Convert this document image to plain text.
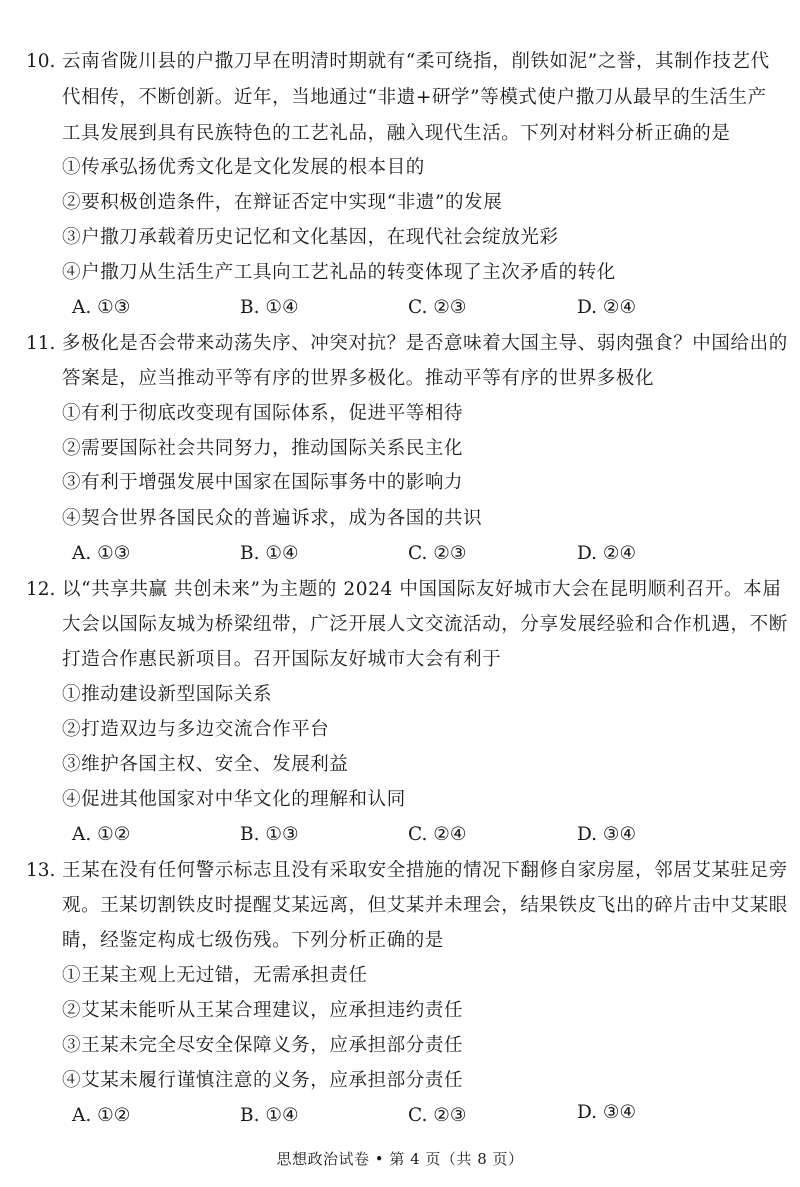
10. 云南省陇川县的户撒刀早在明清时期就有“柔可绕指，削铁如泥”之誉，其制作技艺代
代相传，不断创新。近年，当地通过“非遗+研学”等模式使户撒刀从最早的生活生产
工具发展到具有民族特色的工艺礼品，融入现代生活。下列对材料分析正确的是
①传承弘扬优秀文化是文化发展的根本目的
②要积极创造条件，在辩证否定中实现“非遗”的发展
③户撒刀承载着历史记忆和文化基因，在现代社会绽放光彩
④户撒刀从生活生产工具向工艺礼品的转变体现了主次矛盾的转化
A. ①③	B. ①④	C. ②③	D. ②④
11. 多极化是否会带来动荡失序、冲突对抗？是否意味着大国主导、弱肉强食？中国给出的
答案是，应当推动平等有序的世界多极化。推动平等有序的世界多极化
①有利于彻底改变现有国际体系，促进平等相待
②需要国际社会共同努力，推动国际关系民主化
③有利于增强发展中国家在国际事务中的影响力
④契合世界各国民众的普遍诉求，成为各国的共识
A. ①③	B. ①④	C. ②③	D. ②④
12. 以“共享共赢 共创未来”为主题的 2024 中国国际友好城市大会在昆明顺利召开。本届
大会以国际友城为桥梁纽带，广泛开展人文交流活动，分享发展经验和合作机遇，不断
打造合作惠民新项目。召开国际友好城市大会有利于
①推动建设新型国际关系
②打造双边与多边交流合作平台
③维护各国主权、安全、发展利益
④促进其他国家对中华文化的理解和认同
A. ①②	B. ①③	C. ②④	D. ③④
13. 王某在没有任何警示标志且没有采取安全措施的情况下翻修自家房屋，邻居艾某驻足旁
观。王某切割铁皮时提醒艾某远离，但艾某并未理会，结果铁皮飞出的碎片击中艾某眼
睛，经鉴定构成七级伤残。下列分析正确的是
①王某主观上无过错，无需承担责任
②艾某未能听从王某合理建议，应承担违约责任
③王某未完全尽安全保障义务，应承担部分责任
④艾某未履行谨慎注意的义务，应承担部分责任
A. ①②	B. ①④	C. ②③	D. ③④
思想政治试卷 • 第 4 页（共 8 页）
